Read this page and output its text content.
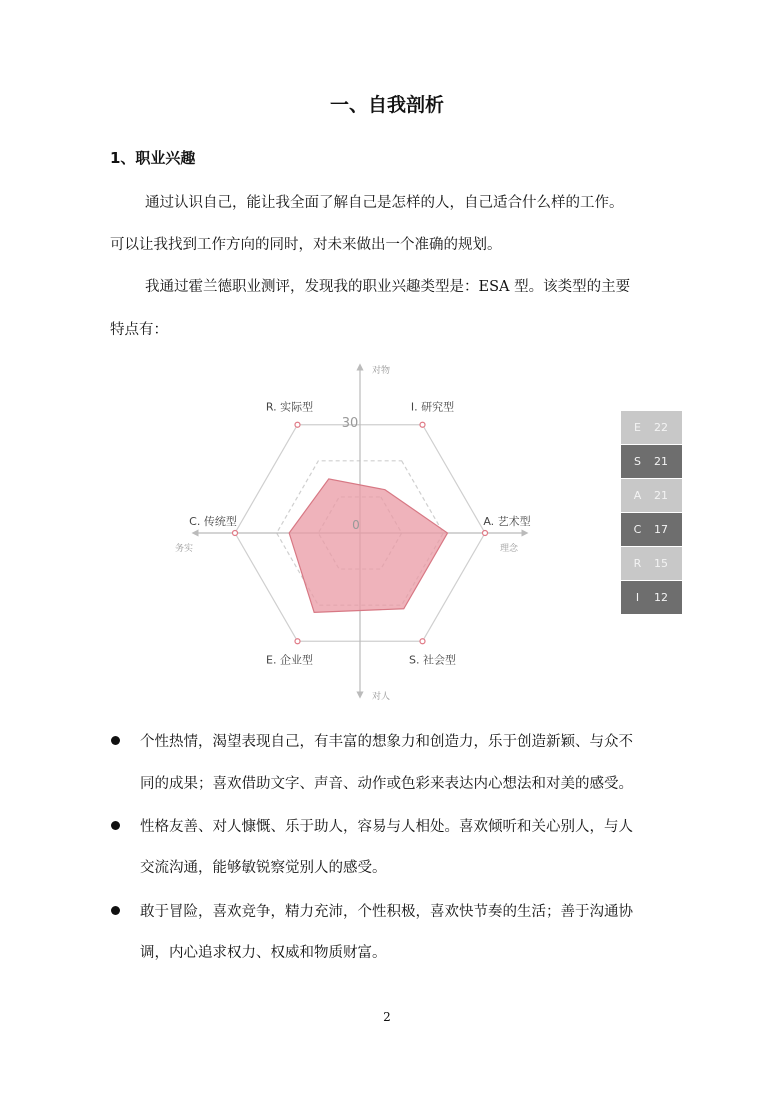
一、自我剖析
1、职业兴趣

通过认识自己，能让我全面了解自己是怎样的人，自己适合什么样的工作。

可以让我找到工作方向的同时，对未来做出一个准确的规划。

我通过霍兰德职业测评，发现我的职业兴趣类型是：ESA 型。该类型的主要

特点有：

I. 研究型
A. 艺术型
S. 社会型
E. 企业型
C. 传统型
R. 实际型
30
0
对物
对人
务实	理念
E	22
S	21
A	21
C	17
R	15
I	12

个性热情，渴望表现自己，有丰富的想象力和创造力，乐于创造新颖、与众不

同的成果；喜欢借助文字、声音、动作或色彩来表达内心想法和对美的感受。

性格友善、对人慷慨、乐于助人，容易与人相处。喜欢倾听和关心别人，与人

交流沟通，能够敏锐察觉别人的感受。

敢于冒险，喜欢竞争，精力充沛，个性积极，喜欢快节奏的生活；善于沟通协

调，内心追求权力、权威和物质财富。

2
